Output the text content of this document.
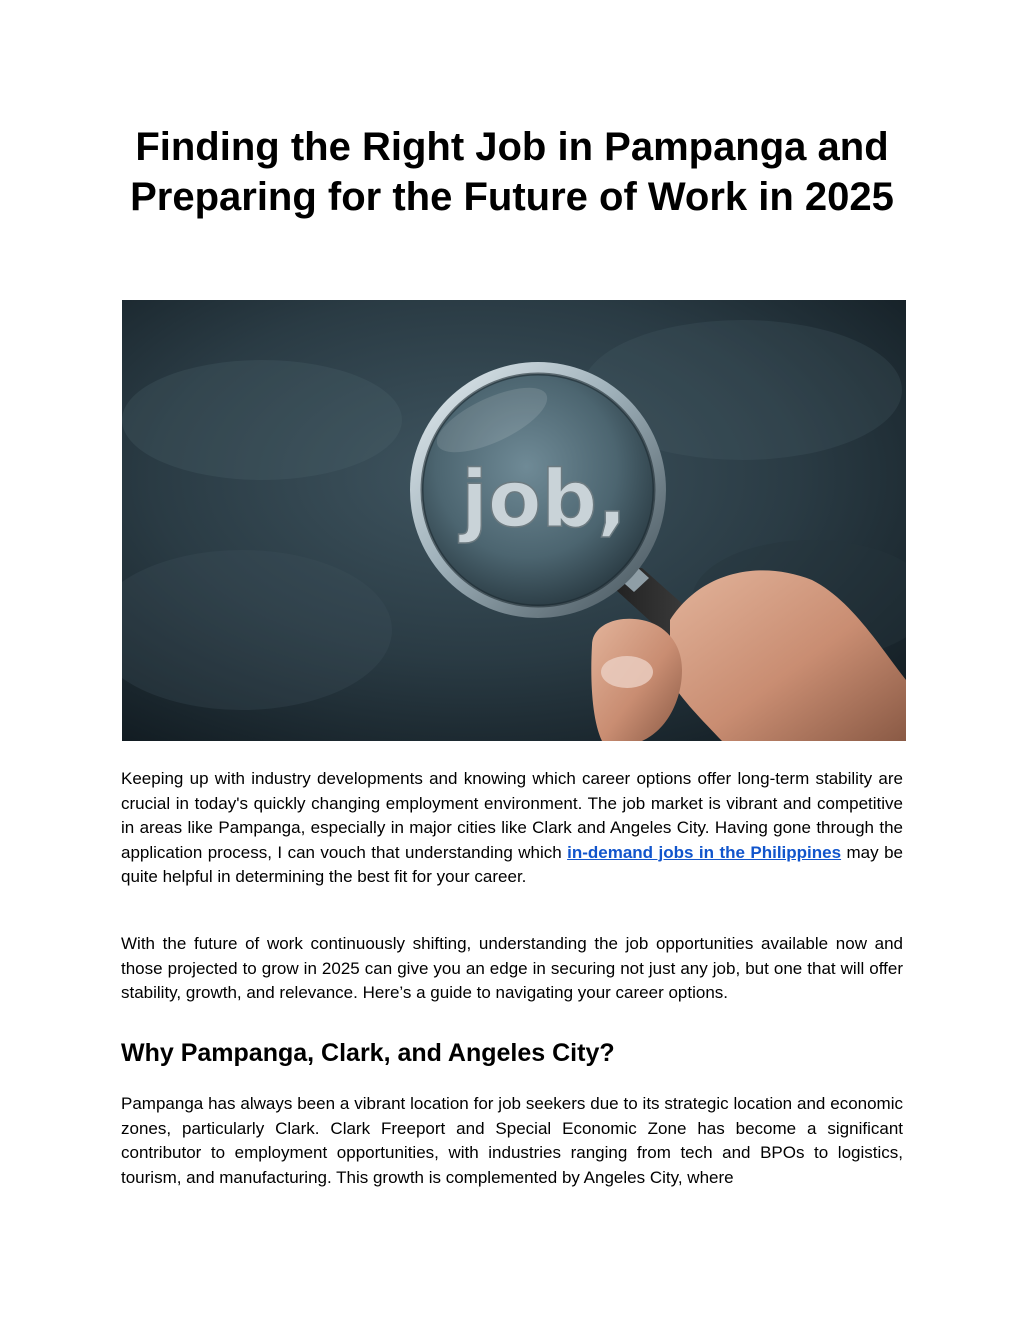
Finding the Right Job in Pampanga and Preparing for the Future of Work in 2025
job,

Keeping up with industry developments and knowing which career options offer long-term stability are crucial in today's quickly changing employment environment. The job market is vibrant and competitive in areas like Pampanga, especially in major cities like Clark and Angeles City. Having gone through the application process, I can vouch that understanding which in-demand jobs in the Philippines may be quite helpful in determining the best fit for your career.

With the future of work continuously shifting, understanding the job opportunities available now and those projected to grow in 2025 can give you an edge in securing not just any job, but one that will offer stability, growth, and relevance. Here’s a guide to navigating your career options.

Why Pampanga, Clark, and Angeles City?

Pampanga has always been a vibrant location for job seekers due to its strategic location and economic zones, particularly Clark. Clark Freeport and Special Economic Zone has become a significant contributor to employment opportunities, with industries ranging from tech and BPOs to logistics, tourism, and manufacturing. This growth is complemented by Angeles City, where
